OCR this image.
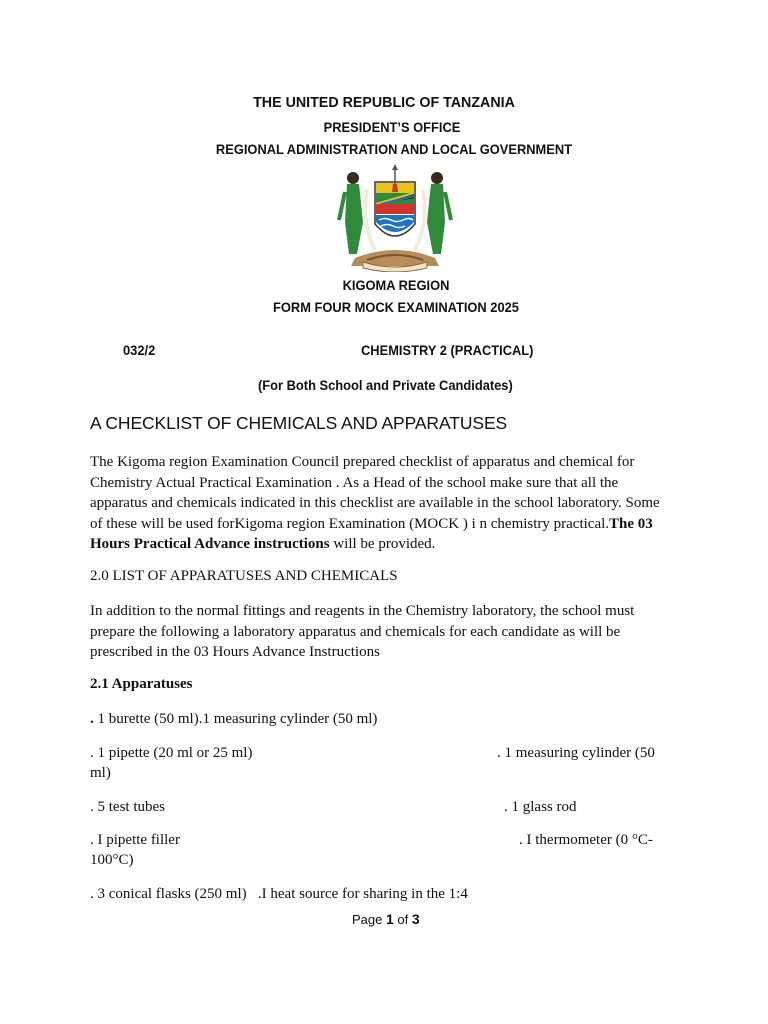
THE UNITED REPUBLIC OF TANZANIA
PRESIDENT’S OFFICE
REGIONAL ADMINISTRATION AND LOCAL GOVERNMENT
KIGOMA REGION
FORM FOUR MOCK EXAMINATION 2025
032/2	CHEMISTRY 2 (PRACTICAL)
(For Both School and Private Candidates)
A CHECKLIST OF CHEMICALS AND APPARATUSES
The Kigoma region Examination Council prepared checklist of apparatus and chemical for Chemistry Actual Practical Examination . As a Head of the school make sure that all the apparatus and chemicals indicated in this checklist are available in the school laboratory. Some of these will be used forKigoma region Examination (MOCK ) i n chemistry practical.The 03 Hours Practical Advance instructions will be provided.
2.0 LIST OF APPARATUSES AND CHEMICALS
In addition to the normal fittings and reagents in the Chemistry laboratory, the school must prepare the following a laboratory apparatus and chemicals for each candidate as will be prescribed in the 03 Hours Advance Instructions
2.1 Apparatuses
. 1 burette (50 ml).1 measuring cylinder (50 ml)
. 1 pipette (20 ml or 25 ml)	. 1 measuring cylinder (50
ml)
. 5 test tubes	. 1 glass rod
. I pipette filler	. I thermometer (0 °C-
100°C)
. 3 conical flasks (250 ml)   .I heat source for sharing in the 1:4
Page 1 of 3
